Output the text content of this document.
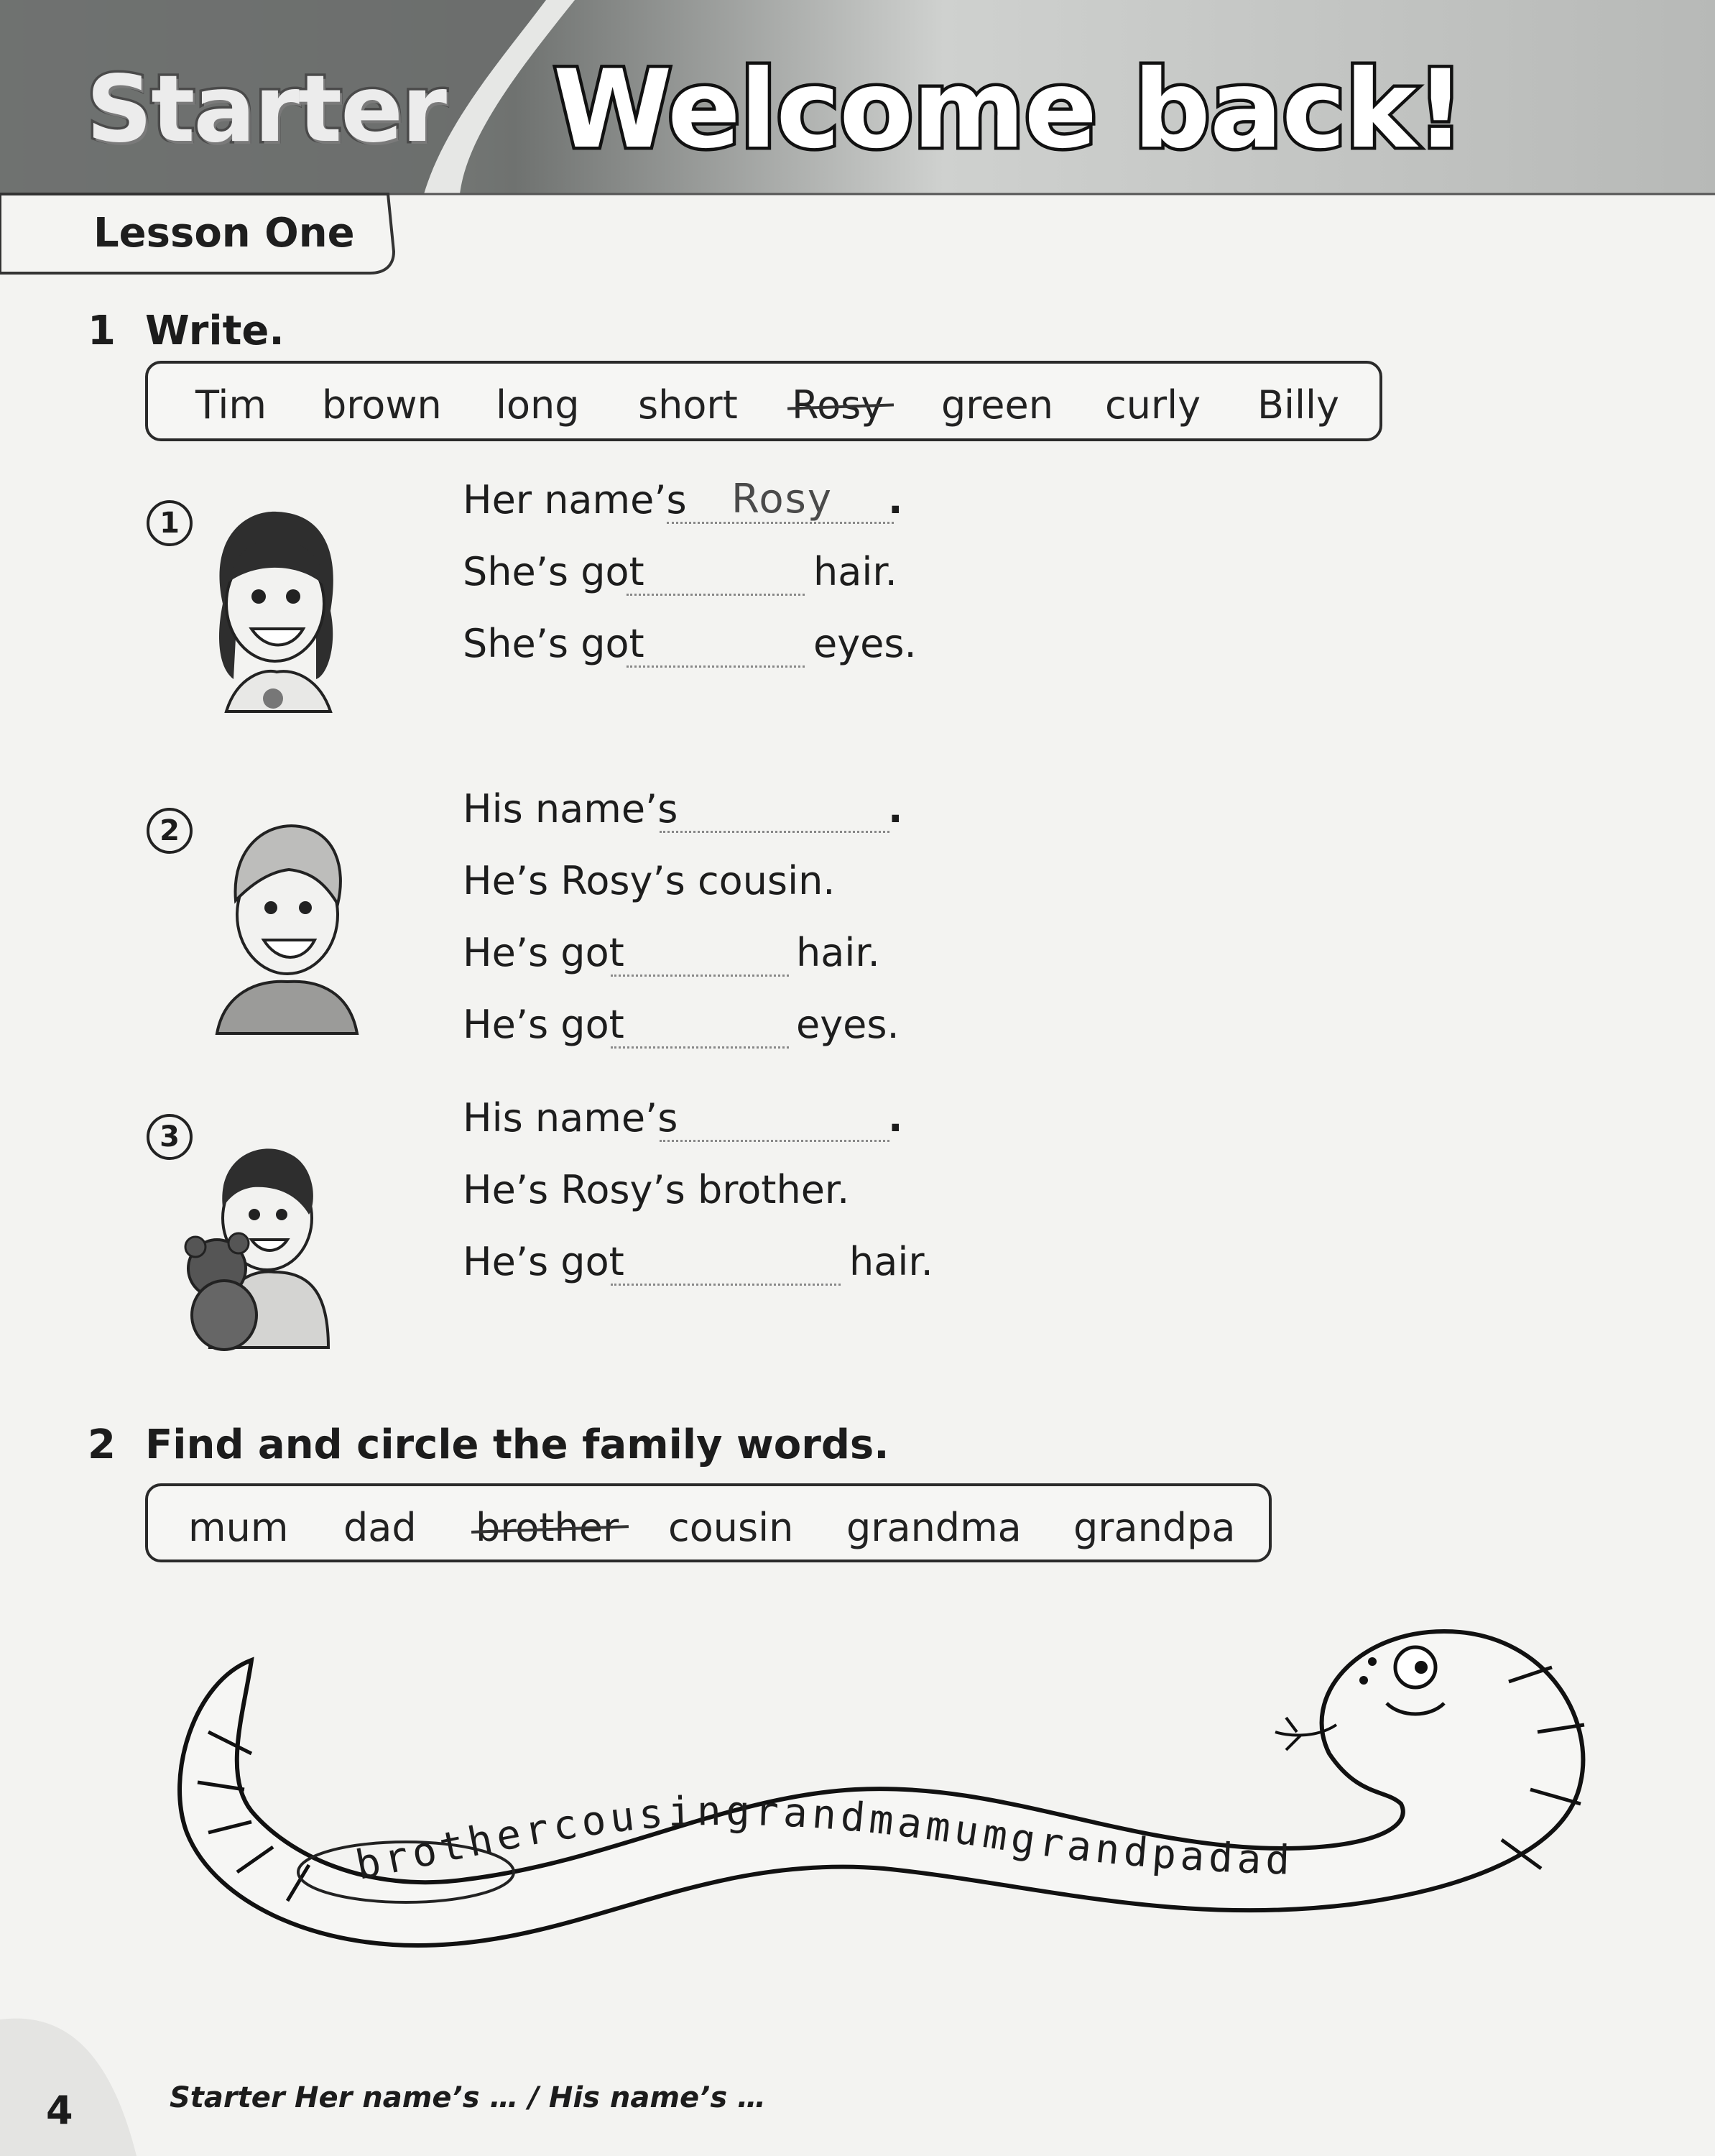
Starter Welcome back!
Lesson One
1 Write.
Tim brown long short Rosy green curly Billy
1
Her name’s Rosy .
She’s got	hair.
She’s got	eyes.
2	His name’s	.
He’s Rosy’s cousin.
He’s got	hair.
He’s got	eyes.
3	His name’s	.
He’s Rosy’s brother.
He’s got	hair.
2 Find and circle the family words.
mum dad brother cousin grandma grandpa
brothercousingrandmamumgrandpadad
4	Starter Her name’s … / His name’s …
